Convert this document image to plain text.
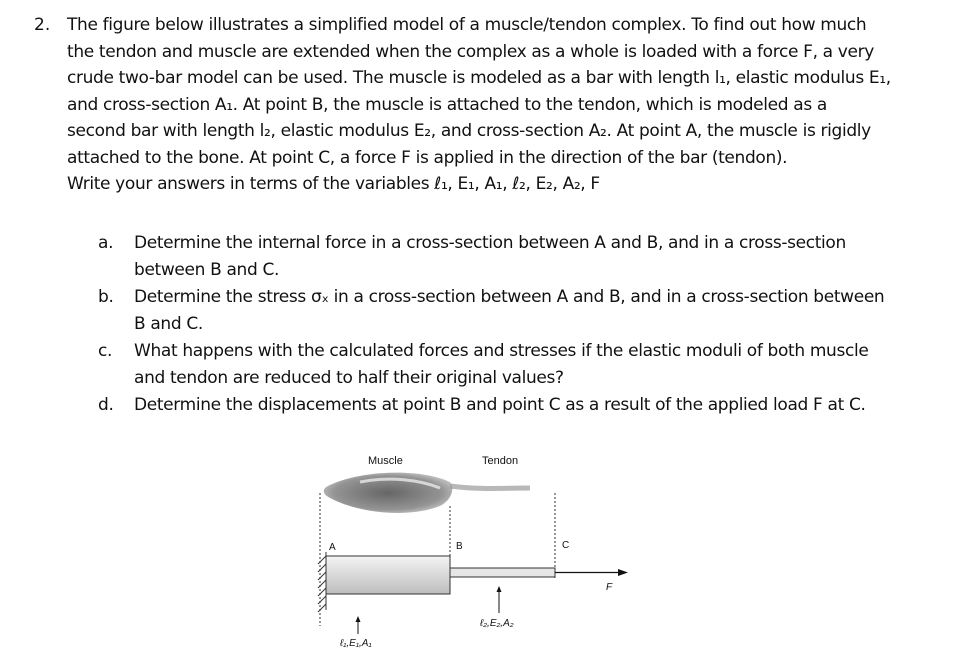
2. The figure below illustrates a simplified model of a muscle/tendon complex. To find out how much
the tendon and muscle are extended when the complex as a whole is loaded with a force F, a very
crude two-bar model can be used. The muscle is modeled as a bar with length l₁, elastic modulus E₁,
and cross-section A₁. At point B, the muscle is attached to the tendon, which is modeled as a
second bar with length l₂, elastic modulus E₂, and cross-section A₂. At point A, the muscle is rigidly
attached to the bone. At point C, a force F is applied in the direction of the bar (tendon).
Write your answers in terms of the variables ℓ₁, E₁, A₁, ℓ₂, E₂, A₂, F
a. Determine the internal force in a cross-section between A and B, and in a cross-section
between B and C.
b. Determine the stress σₓ in a cross-section between A and B, and in a cross-section between
B and C.
c. What happens with the calculated forces and stresses if the elastic moduli of both muscle
and tendon are reduced to half their original values?
d. Determine the displacements at point B and point C as a result of the applied load F at C.
Muscle	Tendon
A	B	C
F
ℓ₁,E₁,A₁
ℓ₂,E₂,A₂
